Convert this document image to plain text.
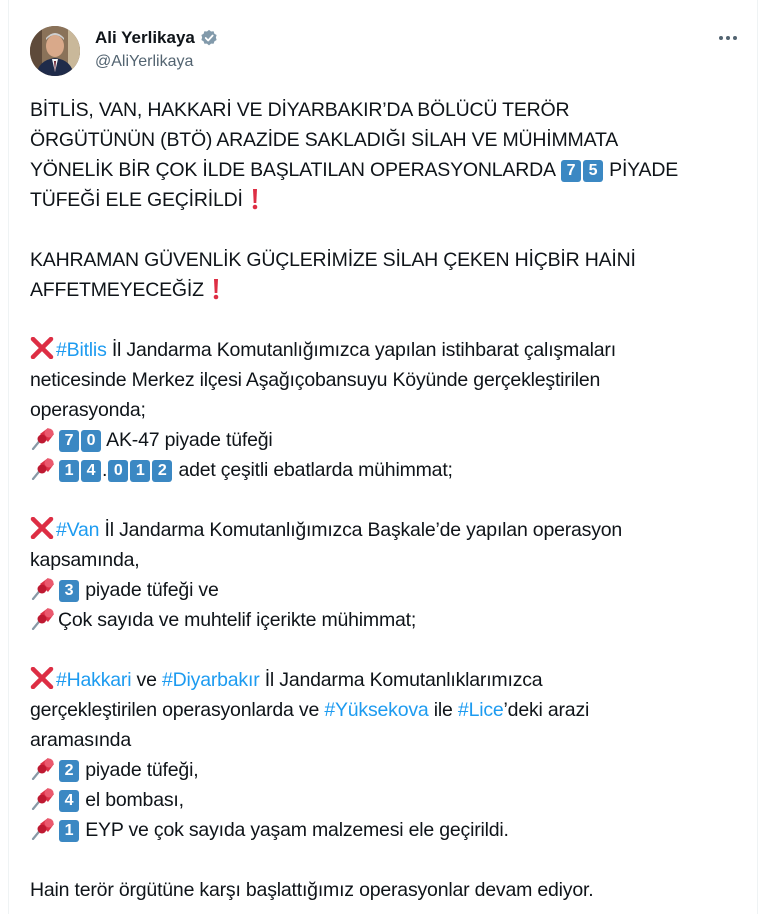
Ali Yerlikaya
@AliYerlikaya
BİTLİS, VAN, HAKKARİ VE DİYARBAKIR’DA BÖLÜCÜ TERÖR
ÖRGÜTÜNÜN (BTÖ) ARAZİDE SAKLADIĞI SİLAH VE MÜHİMMATA
YÖNELİK BİR ÇOK İLDE BAŞLATILAN OPERASYONLARDA 7 5 PİYADE
TÜFEĞİ ELE GEÇİRİLDİ
KAHRAMAN GÜVENLİK GÜÇLERİMİZE SİLAH ÇEKEN HİÇBİR HAİNİ
AFFETMEYECEĞİZ
#Bitlis İl Jandarma Komutanlığımızca yapılan istihbarat çalışmaları
neticesinde Merkez ilçesi Aşağıçobansuyu Köyünde gerçekleştirilen
operasyonda;
7 0 AK-47 piyade tüfeği
1 4 . 0 1 2 adet çeşitli ebatlarda mühimmat;
#Van İl Jandarma Komutanlığımızca Başkale’de yapılan operasyon
kapsamında,
3 piyade tüfeği ve
Çok sayıda ve muhtelif içerikte mühimmat;
#Hakkari ve #Diyarbakır İl Jandarma Komutanlıklarımızca
gerçekleştirilen operasyonlarda ve #Yüksekova ile #Lice’deki arazi
aramasında
2 piyade tüfeği,
4 el bombası,
1 EYP ve çok sayıda yaşam malzemesi ele geçirildi.
Hain terör örgütüne karşı başlattığımız operasyonlar devam ediyor.
